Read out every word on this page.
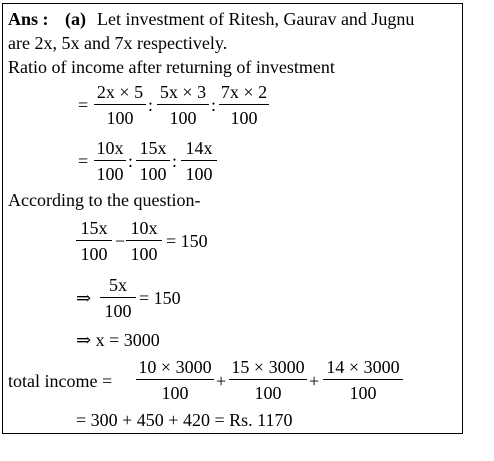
Ans : (a) Let investment of Ritesh, Gaurav and Jugnu
are 2x, 5x and 7x respectively.
Ratio of income after returning of investment
=
2x × 5
100
:
5x × 3
100
:
7x × 2
100
=
10x
100
:
15x
100
:
14x
100
According to the question-
15x
100
−
10x
100
= 150
⇒
5x
100
= 150
⇒ x = 3000
total income =
10 × 3000
100
+
15 × 3000
100
+
14 × 3000
100
= 300 + 450 + 420 = Rs. 1170
